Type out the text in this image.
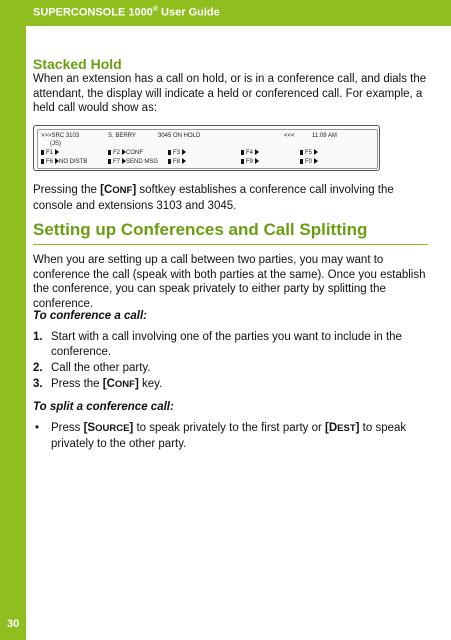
SUPERCONSOLE 1000® User Guide
30
Stacked Hold

When an extension has a call on hold, or is in a conference call, and dials the attendant, the display will indicate a held or conferenced call. For example, a held call would show as:

>>>SRC 3103	S. BERRY	3045 ON HOLD	<<<	11:09 AM
(JS)
F1	F2 CONF	F3	F4	F5
F6 NO DISTB	F7 SEND MSG	F8	F9	F0

Pressing the [CONF] softkey establishes a conference call involving the console and extensions 3103 and 3045.

Setting up Conferences and Call Splitting

When you are setting up a call between two parties, you may want to conference the call (speak with both parties at the same). Once you establish the conference, you can speak privately to either party by splitting the conference.

To conference a call:
1. Start with a call involving one of the parties you want to include in the conference.
2. Call the other party.
3. Press the [CONF] key.
To split a conference call:
• Press [SOURCE] to speak privately to the first party or [DEST] to speak privately to the other party.
